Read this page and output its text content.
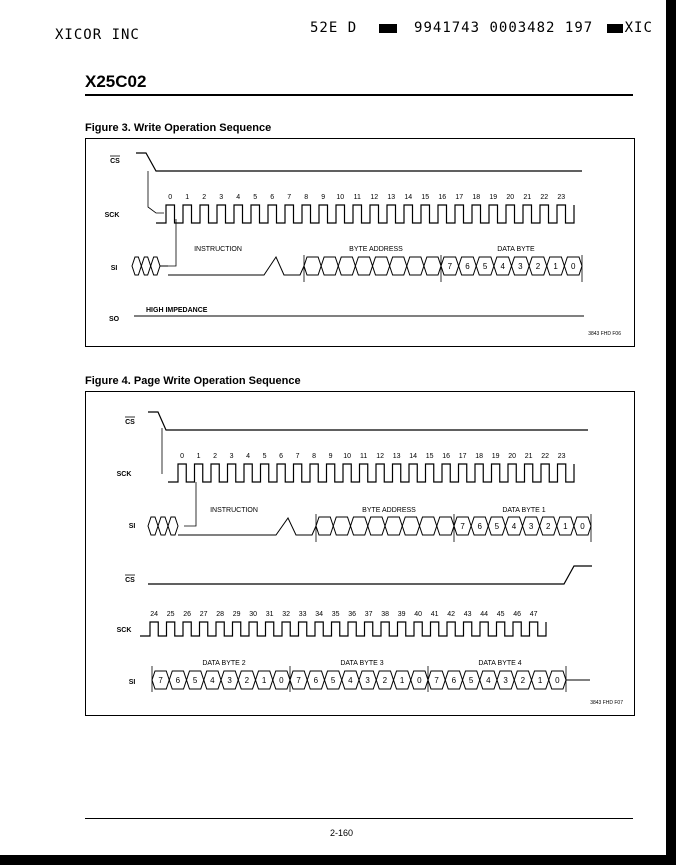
XICOR INC	52E D	9941743 0003482 197 XIC
X25C02
Figure 3. Write Operation Sequence
CS
SCK
0 1 2 3 4 5 6 7 8 9 10 11 12 13 14 15 16 17 18 19 20 21 22 23
SI	7 6 5 4 3 2 1 0
INSTRUCTION	BYTE ADDRESS	DATA BYTE
SO
HIGH IMPEDANCE
3843 FHD F06
Figure 4. Page Write Operation Sequence
CS
SCK
0 1 2 3 4 5 6 7 8 9 10 11 12 13 14 15 16 17 18 19 20 21 22 23
SI	7 6 5 4 3 2 1 0
INSTRUCTION	BYTE ADDRESS	DATA BYTE 1
CS
SCK
24 25 26 27 28 29 30 31 32 33 34 35 36 37 38 39 40 41 42 43 44 45 46 47
SI	7 6 5 4 3 2 1 0 7 6 5 4 3 2 1 0 7 6 5 4 3 2 1 0
DATA BYTE 2	DATA BYTE 3	DATA BYTE 4
3843 FHD F07
2-160
